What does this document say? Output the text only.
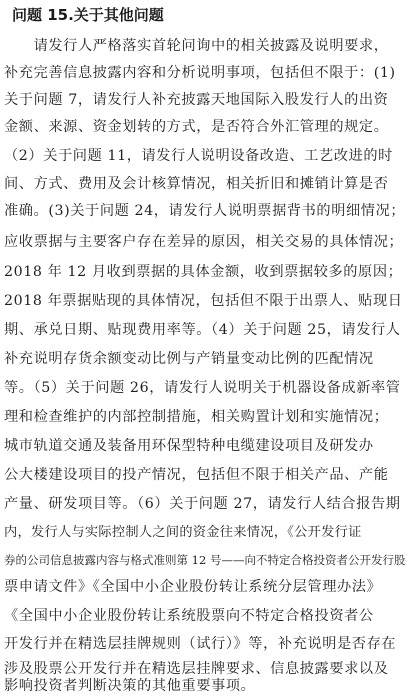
问题 15.关于其他问题
　　请发行人严格落实首轮问询中的相关披露及说明要求，
补充完善信息披露内容和分析说明事项，包括但不限于：(1)
关于问题 7，请发行人补充披露天地国际入股发行人的出资
金额、来源、资金划转的方式，是否符合外汇管理的规定。
（2）关于问题 11，请发行人说明设备改造、工艺改进的时
间、方式、费用及会计核算情况，相关折旧和摊销计算是否
准确。(3)关于问题 24，请发行人说明票据背书的明细情况；
应收票据与主要客户存在差异的原因，相关交易的具体情况；
2018 年 12 月收到票据的具体金额，收到票据较多的原因；
2018 年票据贴现的具体情况，包括但不限于出票人、贴现日
期、承兑日期、贴现费用率等。（4）关于问题 25，请发行人
补充说明存货余额变动比例与产销量变动比例的匹配情况
等。（5）关于问题 26，请发行人说明关于机器设备成新率管
理和检查维护的内部控制措施，相关购置计划和实施情况；
城市轨道交通及装备用环保型特种电缆建设项目及研发办
公大楼建设项目的投产情况，包括但不限于相关产品、产能
产量、研发项目等。（6）关于问题 27，请发行人结合报告期
内，发行人与实际控制人之间的资金往来情况，《公开发行证
券的公司信息披露内容与格式准则第 12 号——向不特定合格投资者公开发行股
票申请文件》《全国中小企业股份转让系统分层管理办法》
《全国中小企业股份转让系统股票向不特定合格投资者公
开发行并在精选层挂牌规则（试行）》等，补充说明是否存在
涉及股票公开发行并在精选层挂牌要求、信息披露要求以及
影响投资者判断决策的其他重要事项。
